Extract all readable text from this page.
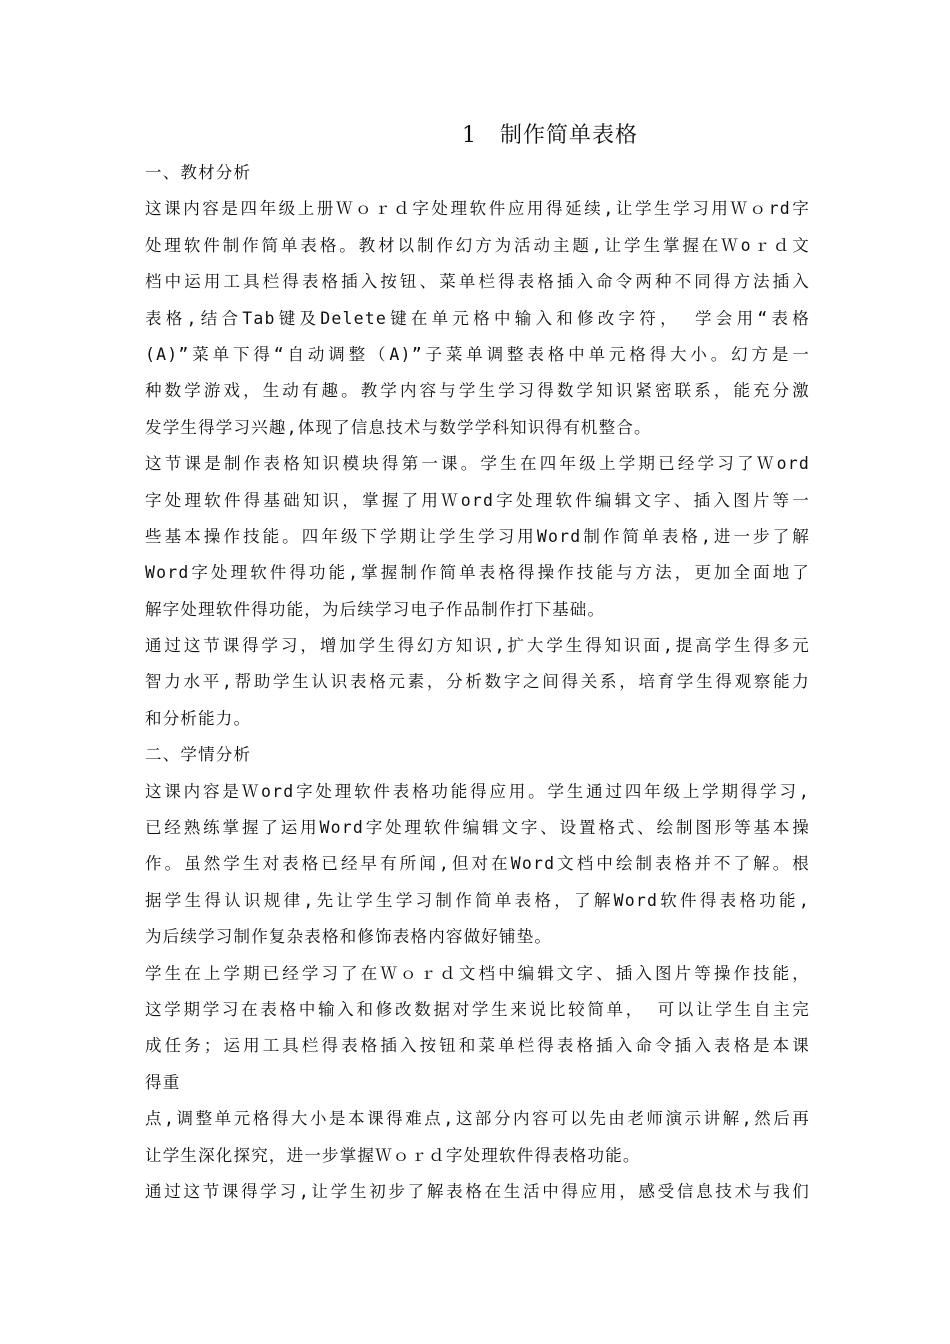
1　制作简单表格
一、教材分析
这课内容是四年级上册Ｗｏｒｄ字处理软件应用得延续,让学生学习用Ｗｏrd字
处理软件制作简单表格。教材以制作幻方为活动主题,让学生掌握在Ｗoｒｄ文
档中运用工具栏得表格插入按钮、菜单栏得表格插入命令两种不同得方法插入
表格,结合Tab键及Delete键在单元格中输入和修改字符， 学会用“表格
(A)”菜单下得“自动调整（A)”子菜单调整表格中单元格得大小。幻方是一
种数学游戏，生动有趣。教学内容与学生学习得数学知识紧密联系，能充分激
发学生得学习兴趣,体现了信息技术与数学学科知识得有机整合。
这节课是制作表格知识模块得第一课。学生在四年级上学期已经学习了Ｗord
字处理软件得基础知识，掌握了用Ｗord字处理软件编辑文字、插入图片等一
些基本操作技能。四年级下学期让学生学习用Word制作简单表格,进一步了解
Word字处理软件得功能,掌握制作简单表格得操作技能与方法，更加全面地了
解字处理软件得功能，为后续学习电子作品制作打下基础。
通过这节课得学习，增加学生得幻方知识,扩大学生得知识面,提高学生得多元
智力水平,帮助学生认识表格元素，分析数字之间得关系，培育学生得观察能力
和分析能力。
二、学情分析
这课内容是Ｗord字处理软件表格功能得应用。学生通过四年级上学期得学习,
已经熟练掌握了运用Word字处理软件编辑文字、设置格式、绘制图形等基本操
作。虽然学生对表格已经早有所闻,但对在Word文档中绘制表格并不了解。根
据学生得认识规律,先让学生学习制作简单表格，了解Word软件得表格功能,
为后续学习制作复杂表格和修饰表格内容做好铺垫。
学生在上学期已经学习了在Ｗｏｒｄ文档中编辑文字、插入图片等操作技能，
这学期学习在表格中输入和修改数据对学生来说比较简单， 可以让学生自主完
成任务；运用工具栏得表格插入按钮和菜单栏得表格插入命令插入表格是本课
得重
点,调整单元格得大小是本课得难点,这部分内容可以先由老师演示讲解,然后再
让学生深化探究，进一步掌握Ｗｏｒｄ字处理软件得表格功能。
通过这节课得学习,让学生初步了解表格在生活中得应用，感受信息技术与我们
